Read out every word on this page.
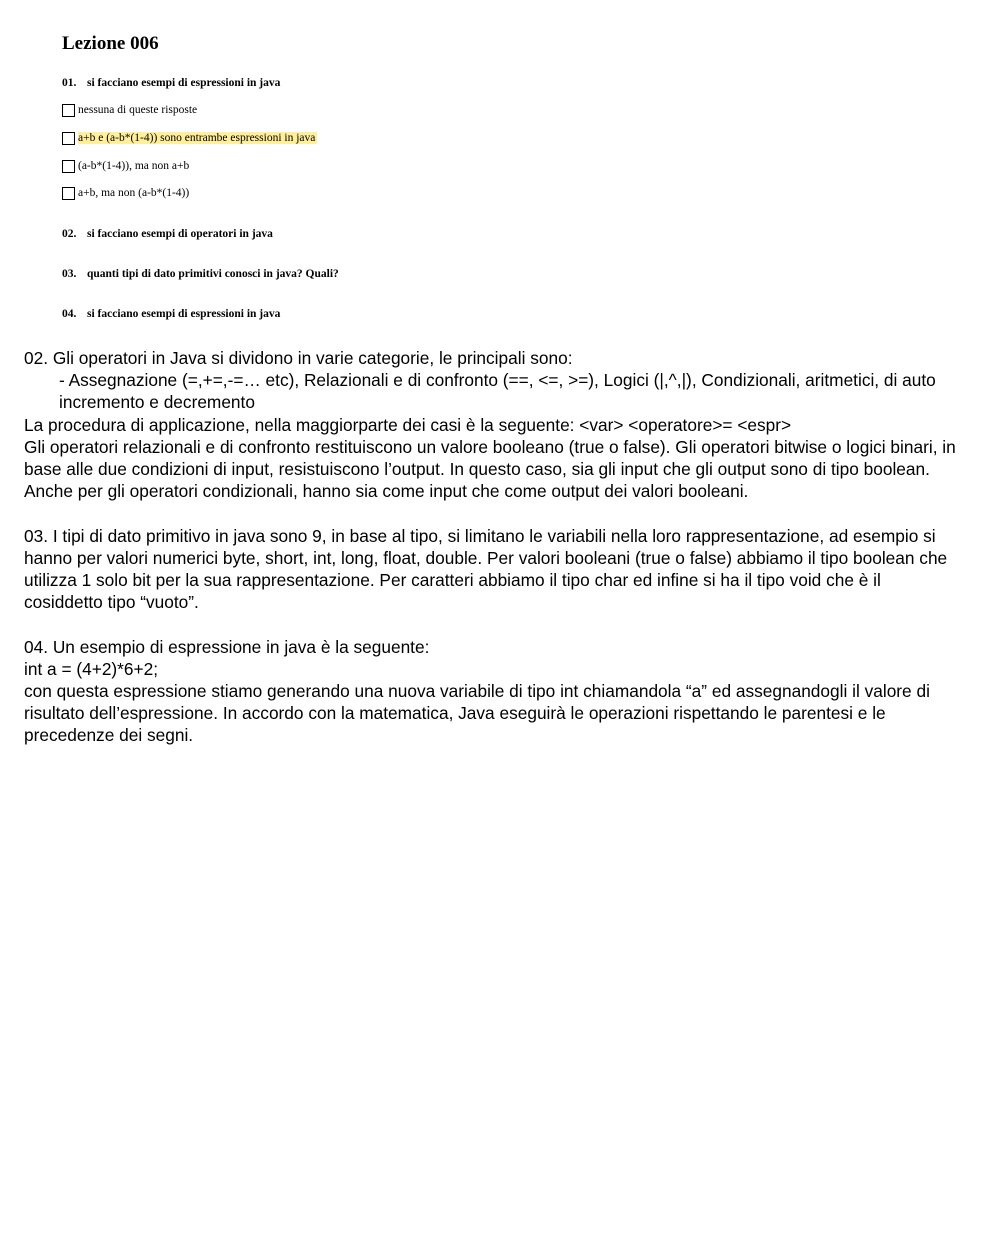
Lezione 006
01. si facciano esempi di espressioni in java
nessuna di queste risposte
a+b e (a-b*(1-4)) sono entrambe espressioni in java
(a-b*(1-4)), ma non a+b
a+b, ma non (a-b*(1-4))
02. si facciano esempi di operatori in java
03. quanti tipi di dato primitivi conosci in java? Quali?
04. si facciano esempi di espressioni in java

02. Gli operatori in Java si dividono in varie categorie, le principali sono:

- Assegnazione (=,+=,-=… etc), Relazionali e di confronto (==, <=, >=), Logici (|,^,|), Condizionali, aritmetici, di auto incremento e decremento

La procedura di applicazione, nella maggiorparte dei casi è la seguente: <var> <operatore>= <espr>

Gli operatori relazionali e di confronto restituiscono un valore booleano (true o false). Gli operatori bitwise o logici binari, in base alle due condizioni di input, resistuiscono l’output. In questo caso, sia gli input che gli output sono di tipo boolean.

Anche per gli operatori condizionali, hanno sia come input che come output dei valori booleani.

03. I tipi di dato primitivo in java sono 9, in base al tipo, si limitano le variabili nella loro rappresentazione, ad esempio si hanno per valori numerici byte, short, int, long, float, double. Per valori booleani (true o false) abbiamo il tipo boolean che utilizza 1 solo bit per la sua rappresentazione. Per caratteri abbiamo il tipo char ed infine si ha il tipo void che è il cosiddetto tipo “vuoto”.

04. Un esempio di espressione in java è la seguente:

int a = (4+2)*6+2;

con questa espressione stiamo generando una nuova variabile di tipo int chiamandola “a” ed assegnandogli il valore di risultato dell’espressione. In accordo con la matematica, Java eseguirà le operazioni rispettando le parentesi e le precedenze dei segni.
